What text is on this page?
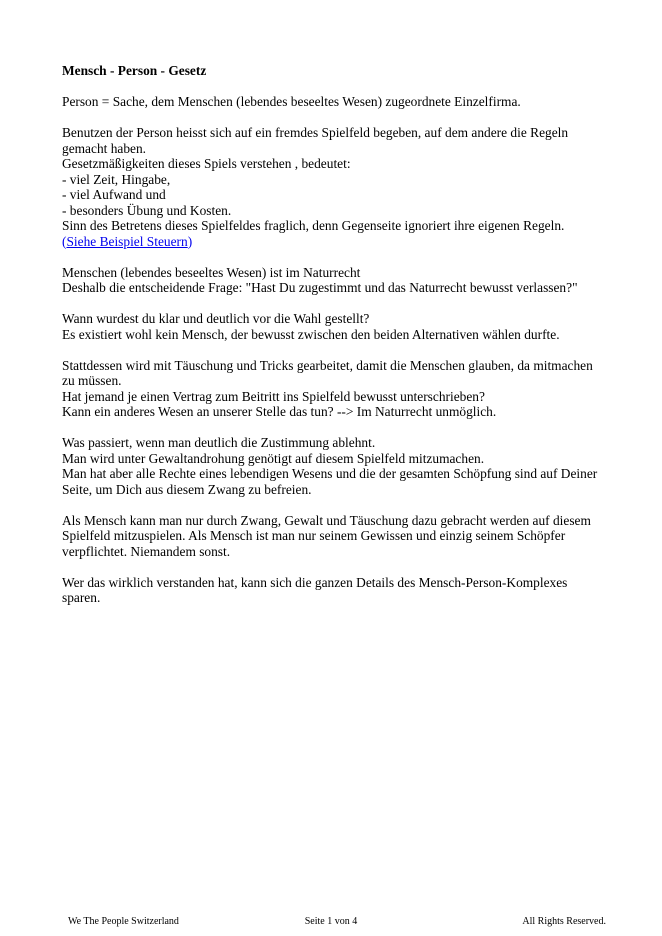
Mensch - Person - Gesetz
Person = Sache, dem Menschen (lebendes beseeltes Wesen) zugeordnete Einzelfirma.
Benutzen der Person heisst sich auf ein fremdes Spielfeld begeben, auf dem andere die Regeln
gemacht haben.
Gesetzmäßigkeiten dieses Spiels verstehen , bedeutet:
- viel Zeit, Hingabe,
- viel Aufwand und
- besonders Übung und Kosten.
Sinn des Betretens dieses Spielfeldes fraglich, denn Gegenseite ignoriert ihre eigenen Regeln.
(Siehe Beispiel Steuern)
Menschen (lebendes beseeltes Wesen) ist im Naturrecht
Deshalb die entscheidende Frage: "Hast Du zugestimmt und das Naturrecht bewusst verlassen?"
Wann wurdest du klar und deutlich vor die Wahl gestellt?
Es existiert wohl kein Mensch, der bewusst zwischen den beiden Alternativen wählen durfte.
Stattdessen wird mit Täuschung und Tricks gearbeitet, damit die Menschen glauben, da mitmachen
zu müssen.
Hat jemand je einen Vertrag zum Beitritt ins Spielfeld bewusst unterschrieben?
Kann ein anderes Wesen an unserer Stelle das tun? --> Im Naturrecht unmöglich.
Was passiert, wenn man deutlich die Zustimmung ablehnt.
Man wird unter Gewaltandrohung genötigt auf diesem Spielfeld mitzumachen.
Man hat aber alle Rechte eines lebendigen Wesens und die der gesamten Schöpfung sind auf Deiner
Seite, um Dich aus diesem Zwang zu befreien.
Als Mensch kann man nur durch Zwang, Gewalt und Täuschung dazu gebracht werden auf diesem
Spielfeld mitzuspielen. Als Mensch ist man nur seinem Gewissen und einzig seinem Schöpfer
verpflichtet. Niemandem sonst.
Wer das wirklich verstanden hat, kann sich die ganzen Details des Mensch-Person-Komplexes
sparen.
We The People Switzerland	Seite 1 von 4	All Rights Reserved.
